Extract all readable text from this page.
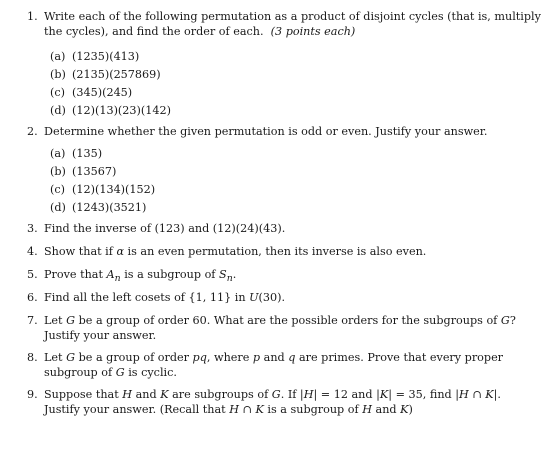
1. Write each of the following permutation as a product of disjoint cycles (that is, multiply
the cycles), and find the order of each. (3 points each)
(a) (1235)(413)
(b) (2135)(257869)
(c) (345)(245)
(d) (12)(13)(23)(142)
2. Determine whether the given permutation is odd or even. Justify your answer.
(a) (135)
(b) (13567)
(c) (12)(134)(152)
(d) (1243)(3521)
3. Find the inverse of (123) and (12)(24)(43).
4. Show that if α is an even permutation, then its inverse is also even.
5. Prove that $A_n$ is a subgroup of $S_n$.
6. Find all the left cosets of {1, 11} in U(30).
7. Let G be a group of order 60. What are the possible orders for the subgroups of G?
Justify your answer.
8. Let G be a group of order pq, where p and q are primes. Prove that every proper
subgroup of G is cyclic.
9. Suppose that H and K are subgroups of G. If |H| = 12 and |K| = 35, find |H ∩ K|.
Justify your answer. (Recall that H ∩ K is a subgroup of H and K)
